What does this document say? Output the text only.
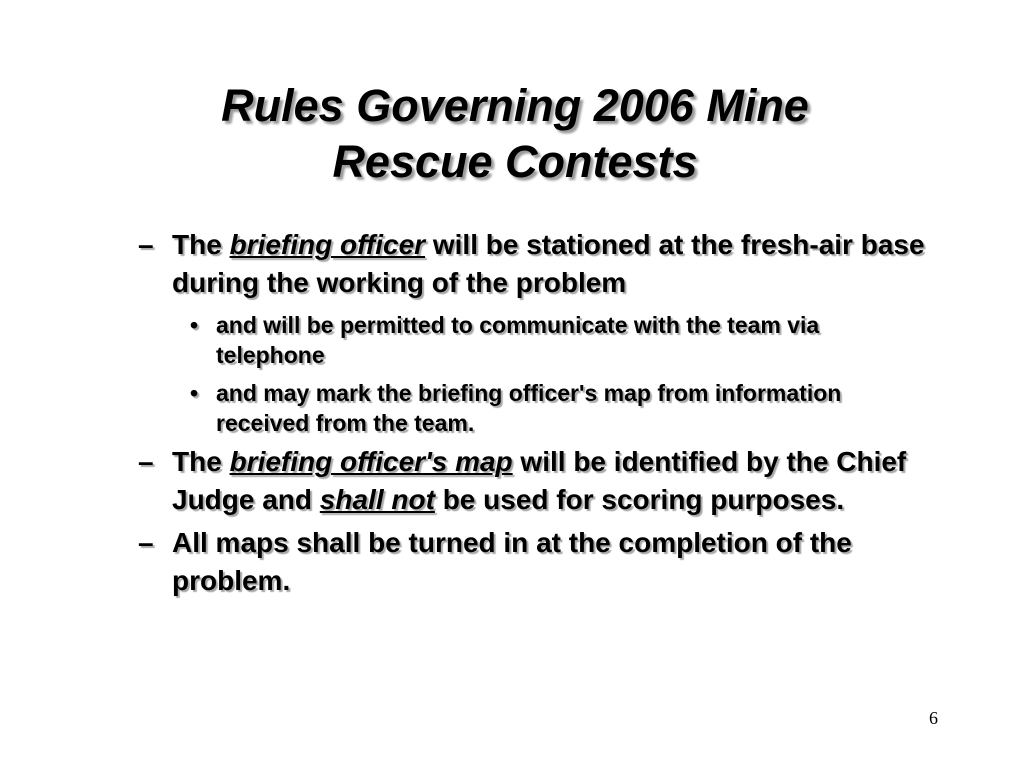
Rules Governing 2006 Mine
Rescue Contests
– The briefing officer will be stationed at the fresh-air base during the working of the problem
• and will be permitted to communicate with the team via telephone
• and may mark the briefing officer's map from information received from the team.
– The briefing officer's map will be identified by the Chief Judge and shall not be used for scoring purposes.
– All maps shall be turned in at the completion of the problem.
6
